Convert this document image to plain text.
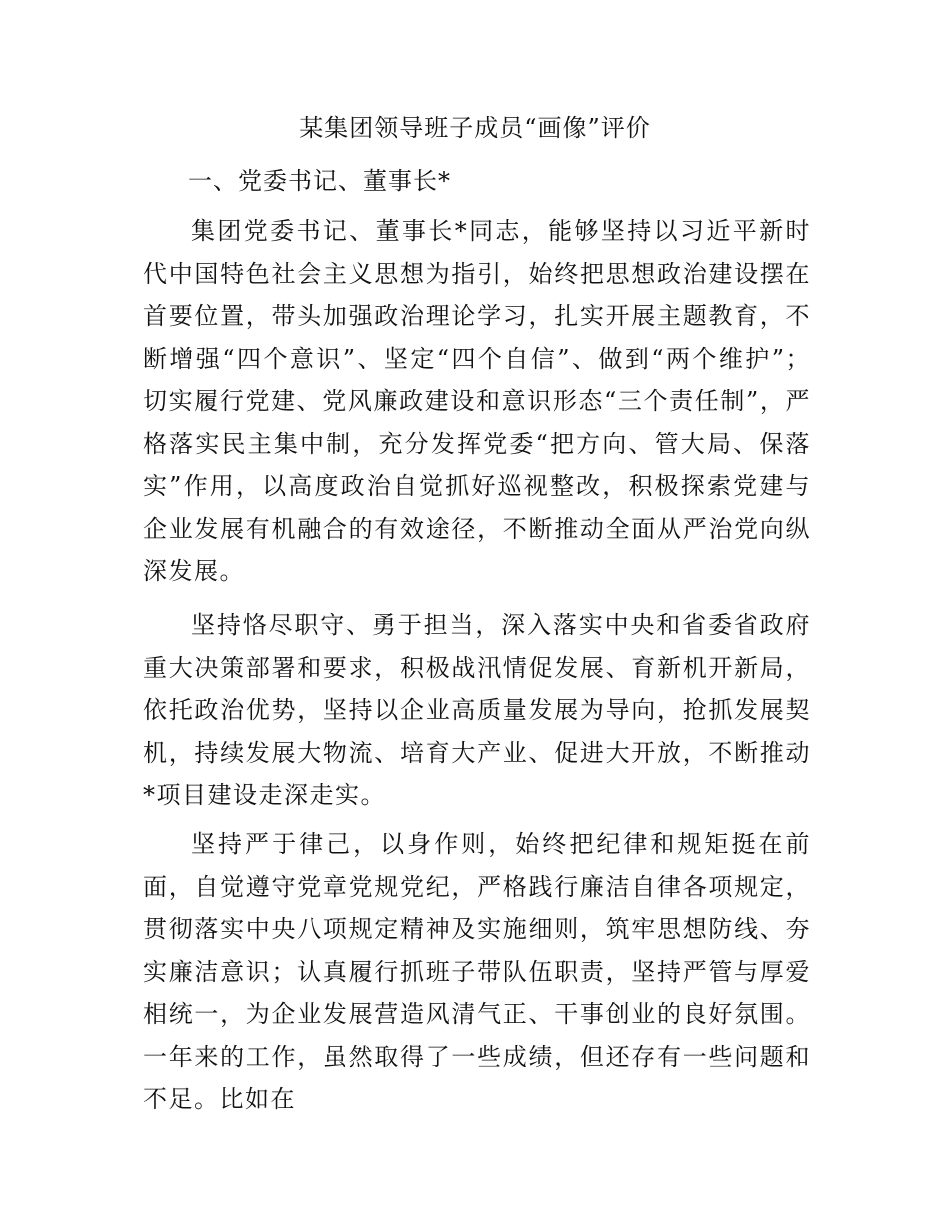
某集团领导班子成员“画像”评价
一、党委书记、董事长*

集团党委书记、董事长*同志，能够坚持以习近平新时代中国特色社会主义思想为指引，始终把思想政治建设摆在首要位置，带头加强政治理论学习，扎实开展主题教育，不断增强“四个意识”、坚定“四个自信”、做到“两个维护”；切实履行党建、党风廉政建设和意识形态“三个责任制”，严格落实民主集中制，充分发挥党委“把方向、管大局、保落实”作用，以高度政治自觉抓好巡视整改，积极探索党建与企业发展有机融合的有效途径，不断推动全面从严治党向纵深发展。

坚持恪尽职守、勇于担当，深入落实中央和省委省政府重大决策部署和要求，积极战汛情促发展、育新机开新局，依托政治优势，坚持以企业高质量发展为导向，抢抓发展契机，持续发展大物流、培育大产业、促进大开放，不断推动*项目建设走深走实。

坚持严于律己，以身作则，始终把纪律和规矩挺在前面，自觉遵守党章党规党纪，严格践行廉洁自律各项规定，贯彻落实中央八项规定精神及实施细则，筑牢思想防线、夯实廉洁意识；认真履行抓班子带队伍职责，坚持严管与厚爱相统一，为企业发展营造风清气正、干事创业的良好氛围。一年来的工作，虽然取得了一些成绩，但还存有一些问题和不足。比如在
